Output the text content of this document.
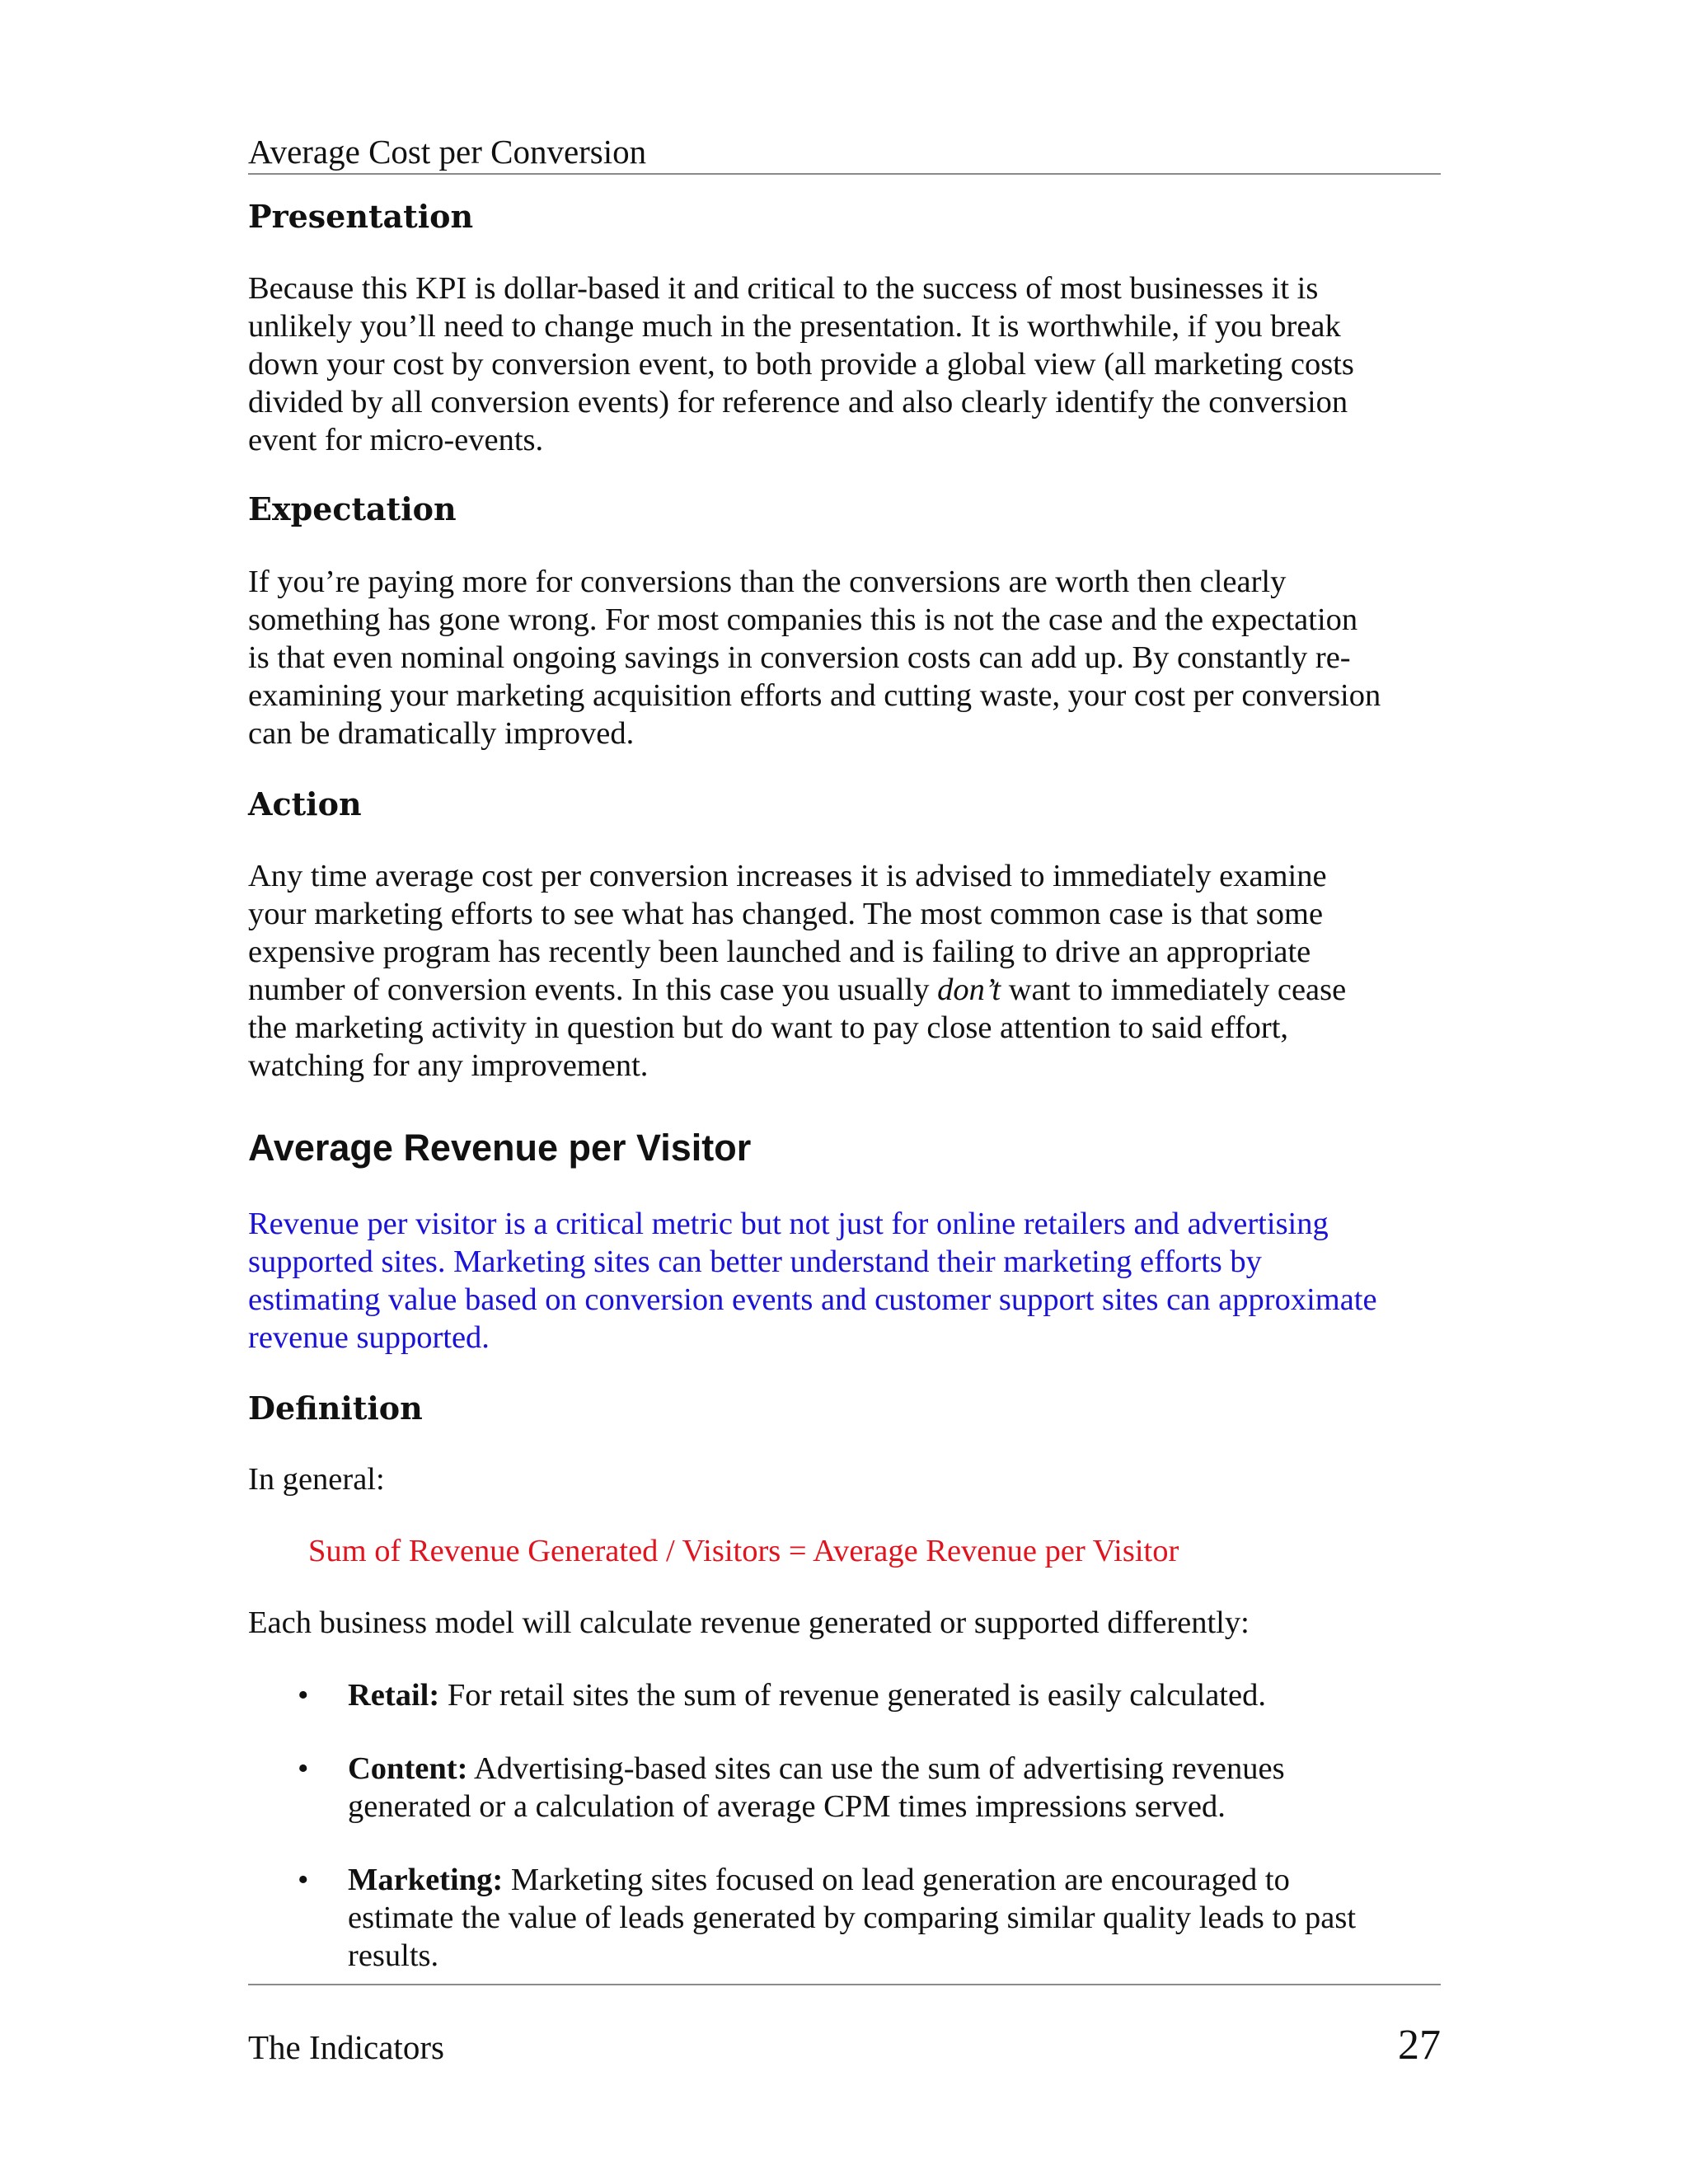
Average Cost per Conversion
Presentation
Because this KPI is dollar-based it and critical to the success of most businesses it is
unlikely you’ll need to change much in the presentation. It is worthwhile, if you break
down your cost by conversion event, to both provide a global view (all marketing costs
divided by all conversion events) for reference and also clearly identify the conversion
event for micro-events.
Expectation
If you’re paying more for conversions than the conversions are worth then clearly
something has gone wrong. For most companies this is not the case and the expectation
is that even nominal ongoing savings in conversion costs can add up. By constantly re-
examining your marketing acquisition efforts and cutting waste, your cost per conversion
can be dramatically improved.
Action
Any time average cost per conversion increases it is advised to immediately examine
your marketing efforts to see what has changed. The most common case is that some
expensive program has recently been launched and is failing to drive an appropriate
number of conversion events. In this case you usually don’t want to immediately cease
the marketing activity in question but do want to pay close attention to said effort,
watching for any improvement.
Average Revenue per Visitor
Revenue per visitor is a critical metric but not just for online retailers and advertising
supported sites. Marketing sites can better understand their marketing efforts by
estimating value based on conversion events and customer support sites can approximate
revenue supported.
Definition

In general:

Sum of Revenue Generated / Visitors = Average Revenue per Visitor

Each business model will calculate revenue generated or supported differently:

• Retail: For retail sites the sum of revenue generated is easily calculated.
• Content: Advertising-based sites can use the sum of advertising revenues
generated or a calculation of average CPM times impressions served.
• Marketing: Marketing sites focused on lead generation are encouraged to
estimate the value of leads generated by comparing similar quality leads to past
results.
The Indicators	27
